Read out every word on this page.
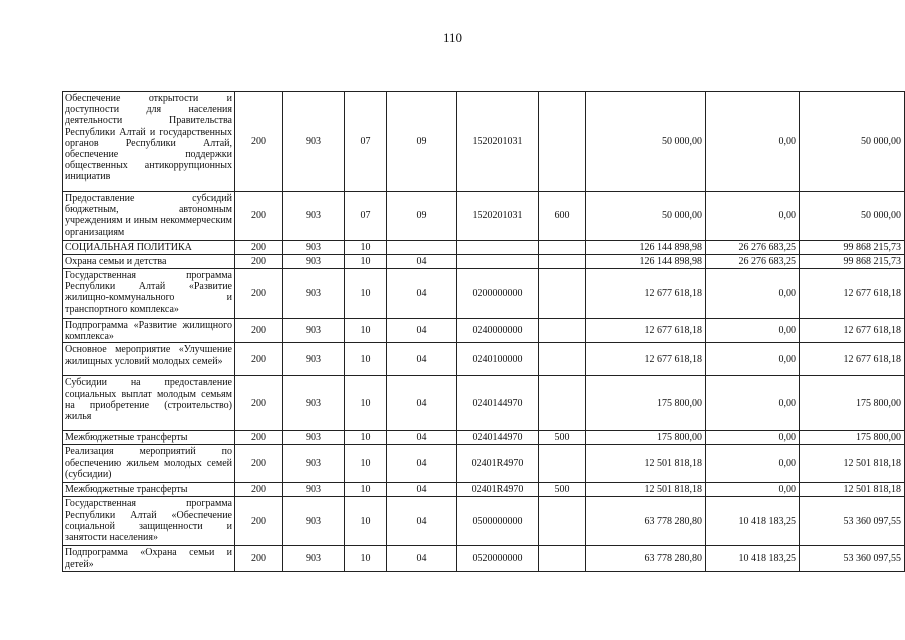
110
Обеспечение открытости и доступности для населения деятельности Правительства Республики Алтай и государственных органов Республики Алтай, обеспечение поддержки общественных антикоррупционных инициатив	200	903	07	09	1520201031		50 000,00	0,00	50 000,00
Предоставление субсидий бюджетным, автономным учреждениям и иным некоммерческим организациям	200	903	07	09	1520201031	600	50 000,00	0,00	50 000,00
СОЦИАЛЬНАЯ ПОЛИТИКА	200	903	10				126 144 898,98	26 276 683,25	99 868 215,73
Охрана семьи и детства	200	903	10	04			126 144 898,98	26 276 683,25	99 868 215,73
Государственная программа Республики Алтай «Развитие жилищно-коммунального и транспортного комплекса»	200	903	10	04	0200000000		12 677 618,18	0,00	12 677 618,18
Подпрограмма «Развитие жилищного комплекса»	200	903	10	04	0240000000		12 677 618,18	0,00	12 677 618,18
Основное мероприятие «Улучшение жилищных условий молодых семей»	200	903	10	04	0240100000		12 677 618,18	0,00	12 677 618,18
Субсидии на предоставление социальных выплат молодым семьям на приобретение (строительство) жилья	200	903	10	04	0240144970		175 800,00	0,00	175 800,00
Межбюджетные трансферты	200	903	10	04	0240144970	500	175 800,00	0,00	175 800,00
Реализация мероприятий по обеспечению жильем молодых семей (субсидии)	200	903	10	04	02401R4970		12 501 818,18	0,00	12 501 818,18
Межбюджетные трансферты	200	903	10	04	02401R4970	500	12 501 818,18	0,00	12 501 818,18
Государственная программа Республики Алтай «Обеспечение социальной защищенности и занятости населения»	200	903	10	04	0500000000		63 778 280,80	10 418 183,25	53 360 097,55
Подпрограмма «Охрана семьи и детей»	200	903	10	04	0520000000		63 778 280,80	10 418 183,25	53 360 097,55
